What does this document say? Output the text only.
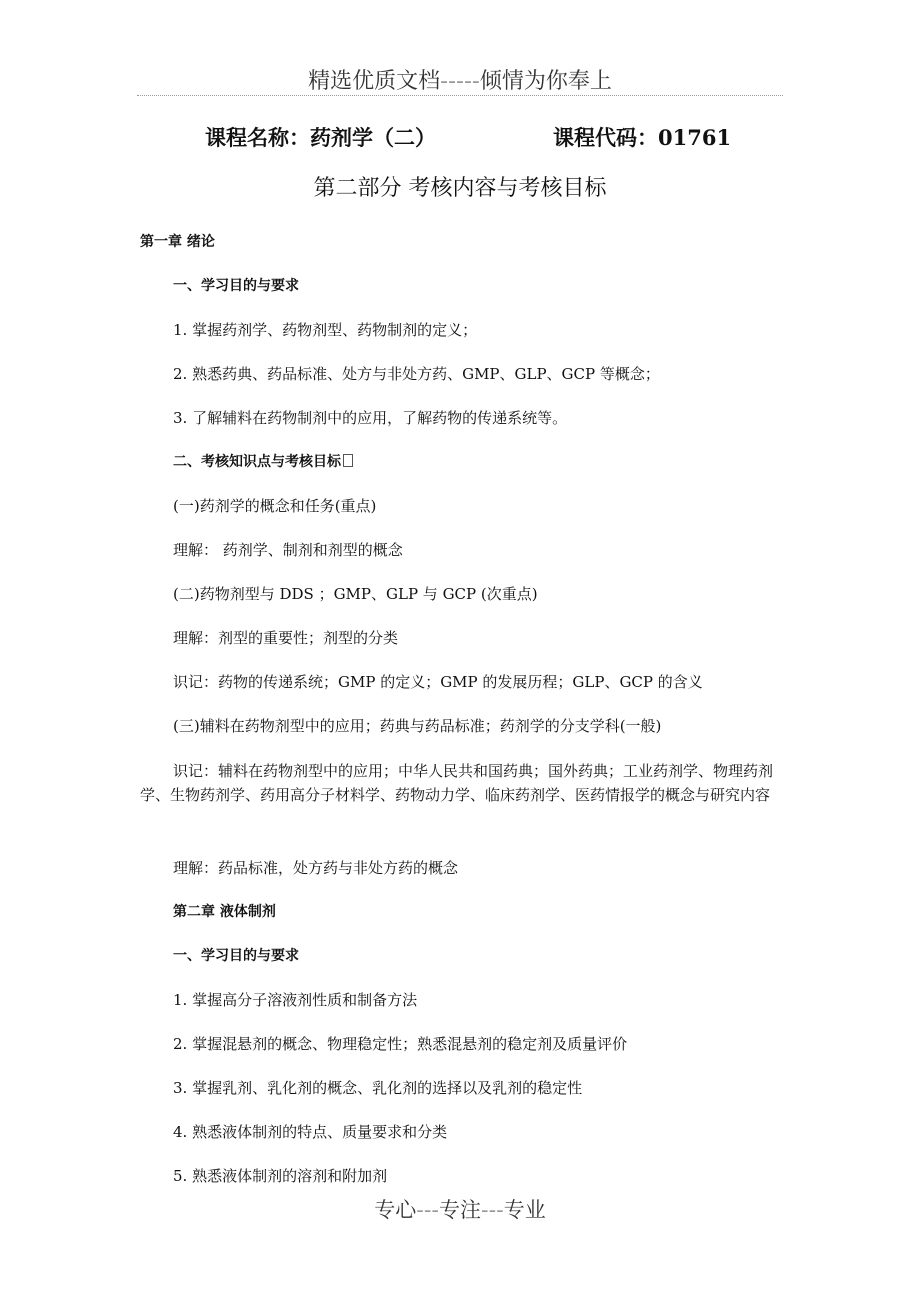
精选优质文档-----倾情为你奉上
课程名称：药剂学（二）	课程代码：01761
第二部分 考核内容与考核目标
第一章 绪论
一、学习目的与要求
1. 掌握药剂学、药物剂型、药物制剂的定义；
2. 熟悉药典、药品标准、处方与非处方药、GMP、GLP、GCP 等概念；
3. 了解辅料在药物制剂中的应用，了解药物的传递系统等。
二、考核知识点与考核目标
(一)药剂学的概念和任务(重点)
理解： 药剂学、制剂和剂型的概念
(二)药物剂型与 DDS ；GMP、GLP 与 GCP (次重点)
理解：剂型的重要性；剂型的分类
识记：药物的传递系统；GMP 的定义；GMP 的发展历程；GLP、GCP 的含义
(三)辅料在药物剂型中的应用；药典与药品标准；药剂学的分支学科(一般)
识记：辅料在药物剂型中的应用；中华人民共和国药典；国外药典；工业药剂学、物理药剂学、生物药剂学、药用高分子材料学、药物动力学、临床药剂学、医药情报学的概念与研究内容
理解：药品标准，处方药与非处方药的概念
第二章 液体制剂
一、学习目的与要求
1. 掌握高分子溶液剂性质和制备方法
2. 掌握混悬剂的概念、物理稳定性；熟悉混悬剂的稳定剂及质量评价
3. 掌握乳剂、乳化剂的概念、乳化剂的选择以及乳剂的稳定性
4. 熟悉液体制剂的特点、质量要求和分类
5. 熟悉液体制剂的溶剂和附加剂
专心---专注---专业
